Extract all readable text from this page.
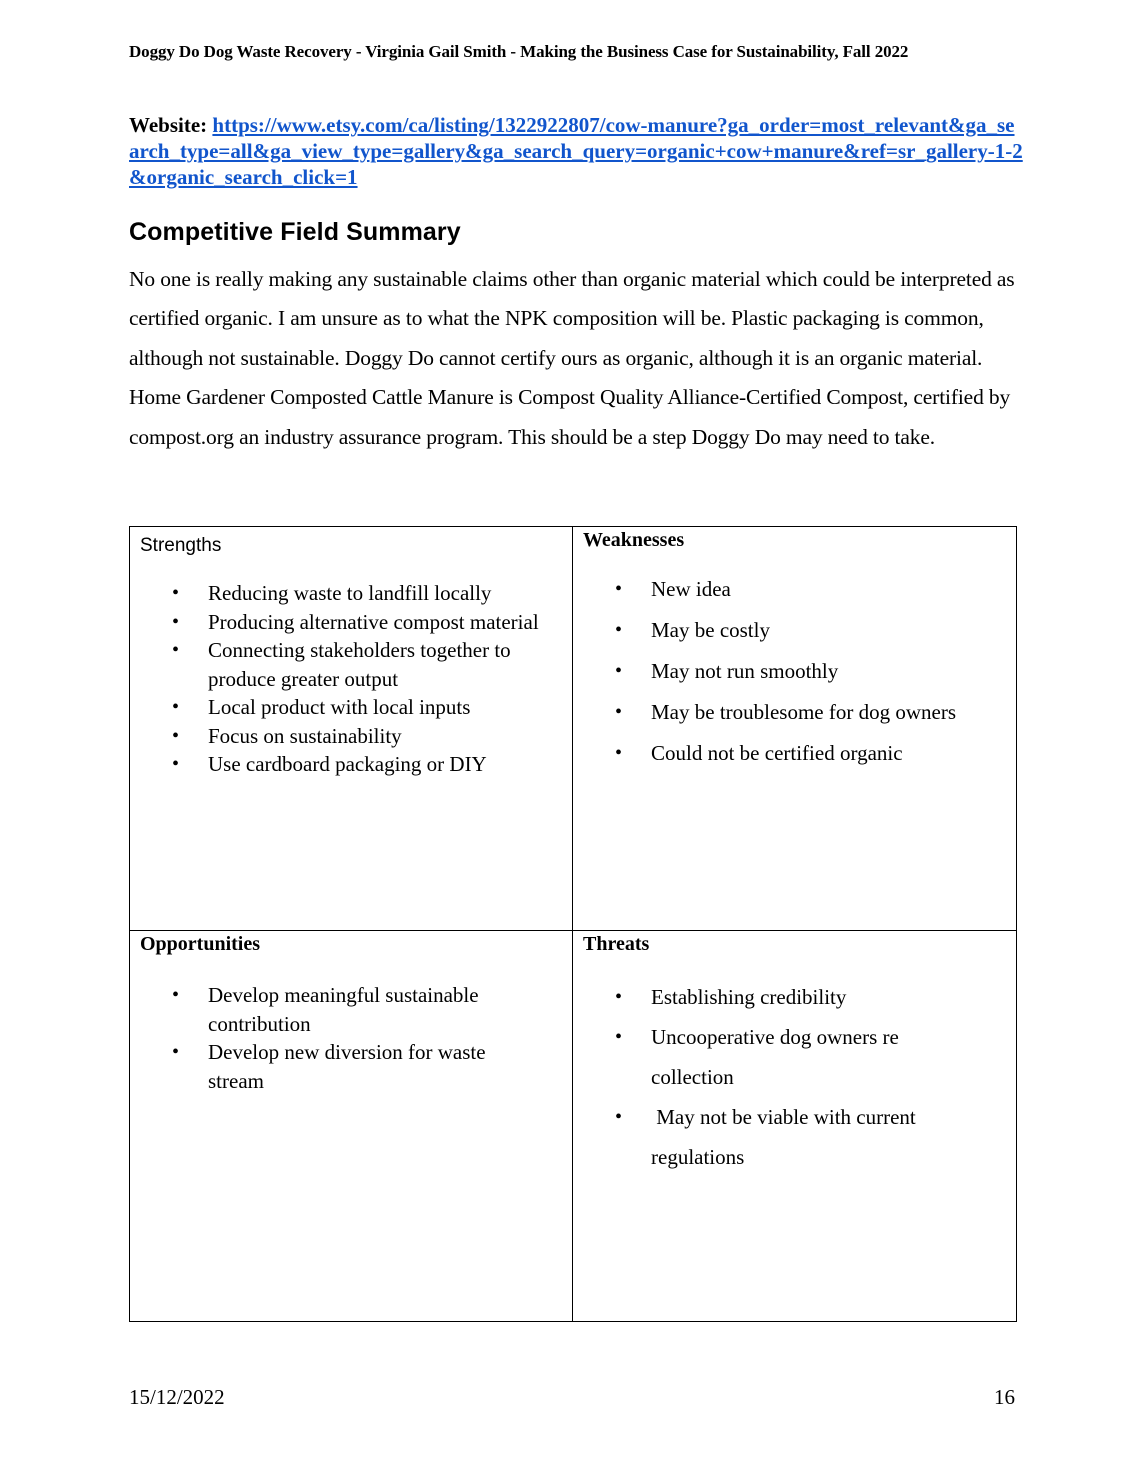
Doggy Do Dog Waste Recovery - Virginia Gail Smith - Making the Business Case for Sustainability, Fall 2022
Website: https://www.etsy.com/ca/listing/1322922807/cow-manure?ga_order=most_relevant&ga_search_type=all&ga_view_type=gallery&ga_search_query=organic+cow+manure&ref=sr_gallery-1-2&organic_search_click=1
Competitive Field Summary
No one is really making any sustainable claims other than organic material which could be interpreted as certified organic. I am unsure as to what the NPK composition will be. Plastic packaging is common, although not sustainable. Doggy Do cannot certify ours as organic, although it is an organic material. Home Gardener Composted Cattle Manure is Compost Quality Alliance-Certified Compost, certified by compost.org an industry assurance program. This should be a step Doggy Do may need to take.
Strengths
• Reducing waste to landfill locally
• Producing alternative compost material
• Connecting stakeholders together to produce greater output
• Local product with local inputs
• Focus on sustainability
• Use cardboard packaging or DIY
Weaknesses
• New idea
• May be costly
• May not run smoothly
• May be troublesome for dog owners
• Could not be certified organic
Opportunities
• Develop meaningful sustainable contribution
• Develop new diversion for waste stream
Threats
• Establishing credibility
• Uncooperative dog owners re collection
•  May not be viable with current regulations
15/12/2022	16
